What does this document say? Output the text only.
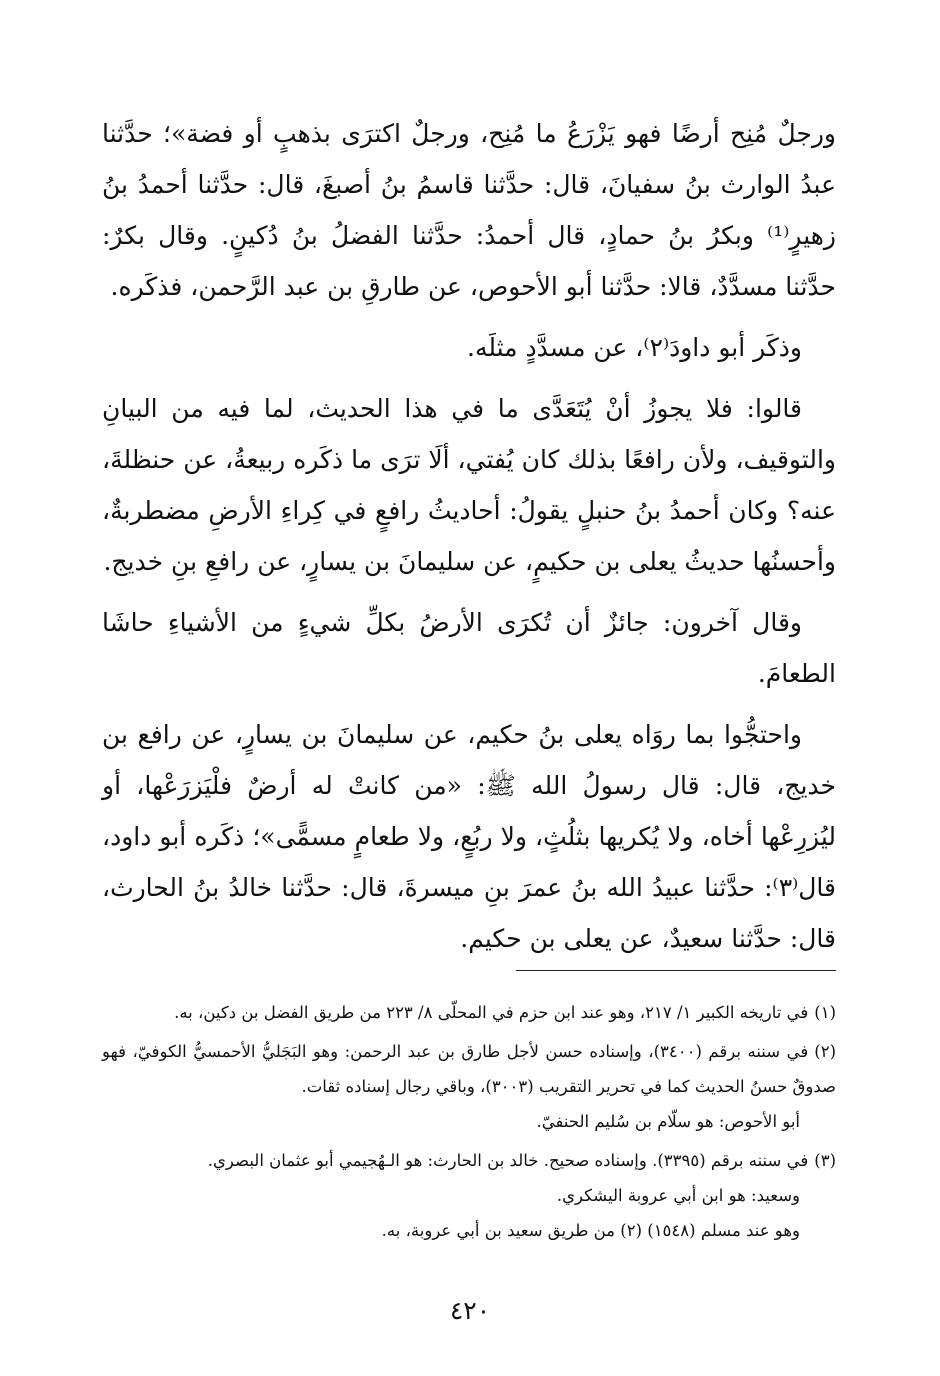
ورجلٌ مُنِح أرضًا فهو يَزْرَعُ ما مُنِح، ورجلٌ اكترَى بذهبٍ أو فضة»؛ حدَّثنا عبدُ الوارث بنُ سفيانَ، قال: حدَّثنا قاسمُ بنُ أصبغَ، قال: حدَّثنا أحمدُ بنُ زهيرٍ⁽¹⁾ وبكرُ بنُ حمادٍ، قال أحمدُ: حدَّثنا الفضلُ بنُ دُكينٍ. وقال بكرٌ: حدَّثنا مسدَّدٌ، قالا: حدَّثنا أبو الأحوص، عن طارقِ بن عبد الرَّحمن، فذكَره.

وذكَر أبو داودَ⁽٢⁾، عن مسدَّدٍ مثلَه.

قالوا: فلا يجوزُ أنْ يُتَعَدَّى ما في هذا الحديث، لما فيه من البيانِ والتوقيف، ولأن رافعًا بذلك كان يُفتي، ألَا ترَى ما ذكَره ربيعةُ، عن حنظلةَ، عنه؟ وكان أحمدُ بنُ حنبلٍ يقولُ: أحاديثُ رافعٍ في كِراءِ الأرضِ مضطربةٌ، وأحسنُها حديثُ يعلى بن حكيمٍ، عن سليمانَ بن يسارٍ، عن رافعِ بنِ خديج.

وقال آخرون: جائزٌ أن تُكرَى الأرضُ بكلِّ شيءٍ من الأشياءِ حاشَا الطعامَ.

واحتجُّوا بما روَاه يعلى بنُ حكيم، عن سليمانَ بن يسارٍ، عن رافع بن خديج، قال: قال رسولُ الله ﷺ: «من كانتْ له أرضٌ فلْيَزرَعْها، أو ليُزرِعْها أخاه، ولا يُكريها بثلُثٍ، ولا ربُعٍ، ولا طعامٍ مسمًّى»؛ ذكَره أبو داود، قال⁽٣⁾: حدَّثنا عبيدُ الله بنُ عمرَ بنِ ميسرةَ، قال: حدَّثنا خالدُ بنُ الحارث، قال: حدَّثنا سعيدٌ، عن يعلى بن حكيم.

(١)في تاريخه الكبير ١/ ٢١٧، وهو عند ابن حزم في المحلّى ٨/ ٢٢٣ من طريق الفضل بن دكين، به.
(٢)في سننه برقم (٣٤٠٠)، وإسناده حسن لأجل طارق بن عبد الرحمن: وهو البَجَليُّ الأحمسيُّ الكوفيّ، فهو صدوقٌ حسنُ الحديث كما في تحرير التقريب (٣٠٠٣)، وباقي رجال إسناده ثقات.
أبو الأحوص: هو سلّام بن سُليم الحنفيّ.
(٣)في سننه برقم (٣٣٩٥). وإسناده صحيح. خالد بن الحارث: هو الـهُجيمي أبو عثمان البصري.
وسعيد: هو ابن أبي عروبة اليشكري.
وهو عند مسلم (١٥٤٨) (٢) من طريق سعيد بن أبي عروبة، به.
٤٢٠
